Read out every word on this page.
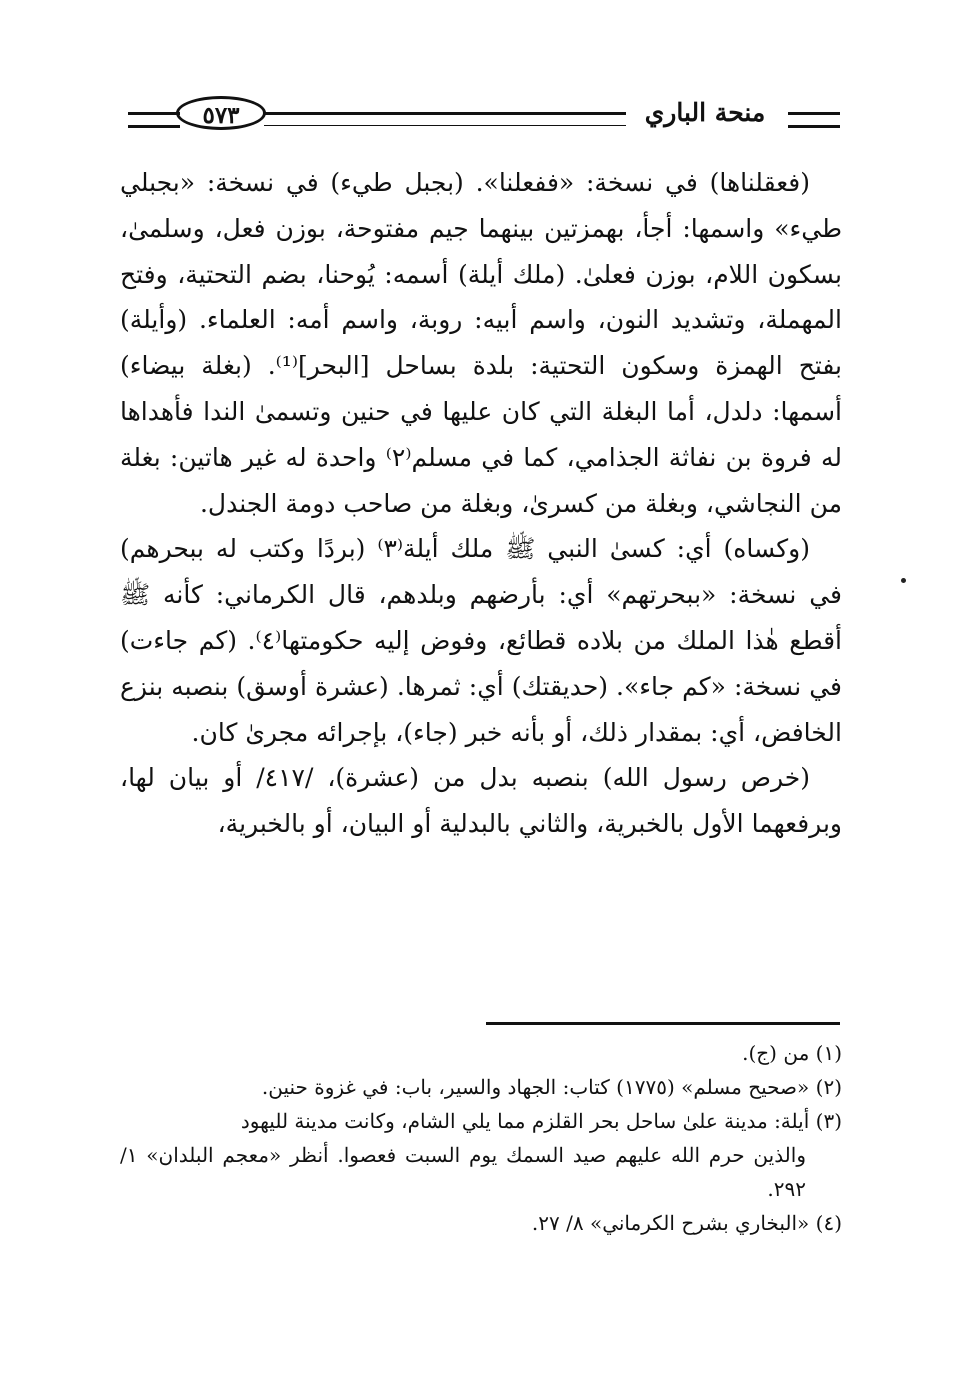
منحة الباري
٥٧٣

(فعقلناها) في نسخة: «ففعلنا». (بجبل طيء) في نسخة: «بجبلي طيء» واسمها: أجأ، بهمزتين بينهما جيم مفتوحة، بوزن فعل، وسلمىٰ، بسكون اللام، بوزن فعلىٰ. (ملك أيلة) أسمه: يُوحنا، بضم التحتية، وفتح المهملة، وتشديد النون، واسم أبيه: روبة، واسم أمه: العلماء. (وأيلة) بفتح الهمزة وسكون التحتية: بلدة بساحل [البحر]⁽¹⁾. (بغلة بيضاء) أسمها: دلدل، أما البغلة التي كان عليها في حنين وتسمىٰ الندا فأهداها له فروة بن نفاثة الجذامي، كما في مسلم⁽٢⁾ واحدة له غير هاتين: بغلة من النجاشي، وبغلة من كسرىٰ، وبغلة من صاحب دومة الجندل.

(وكساه) أي: كسىٰ النبي ﷺ ملك أيلة⁽٣⁾ (بردًا وكتب له ببحرهم) في نسخة: «ببحرتهم» أي: بأرضهم وبلدهم، قال الكرماني: كأنه ﷺ أقطع هٰذا الملك من بلاده قطائع، وفوض إليه حكومتها⁽٤⁾. (كم جاءت) في نسخة: «كم جاء». (حديقتك) أي: ثمرها. (عشرة أوسق) بنصبه بنزع الخافض، أي: بمقدار ذلك، أو بأنه خبر (جاء)، بإجرائه مجرىٰ كان.

(خرص رسول الله) بنصبه بدل من (عشرة)، /٤١٧/ أو بيان لها، وبرفعهما الأول بالخبرية، والثاني بالبدلية أو البيان، أو بالخبرية،

(١) من (ج).

(٢) «صحيح مسلم» (١٧٧٥) كتاب: الجهاد والسير، باب: في غزوة حنين.

(٣) أيلة: مدينة علىٰ ساحل بحر القلزم مما يلي الشام، وكانت مدينة لليهود

والذين حرم الله عليهم صيد السمك يوم السبت فعصوا. أنظر «معجم البلدان» ١/ ٢٩٢.

(٤) «البخاري بشرح الكرماني» ٨/ ٢٧.
